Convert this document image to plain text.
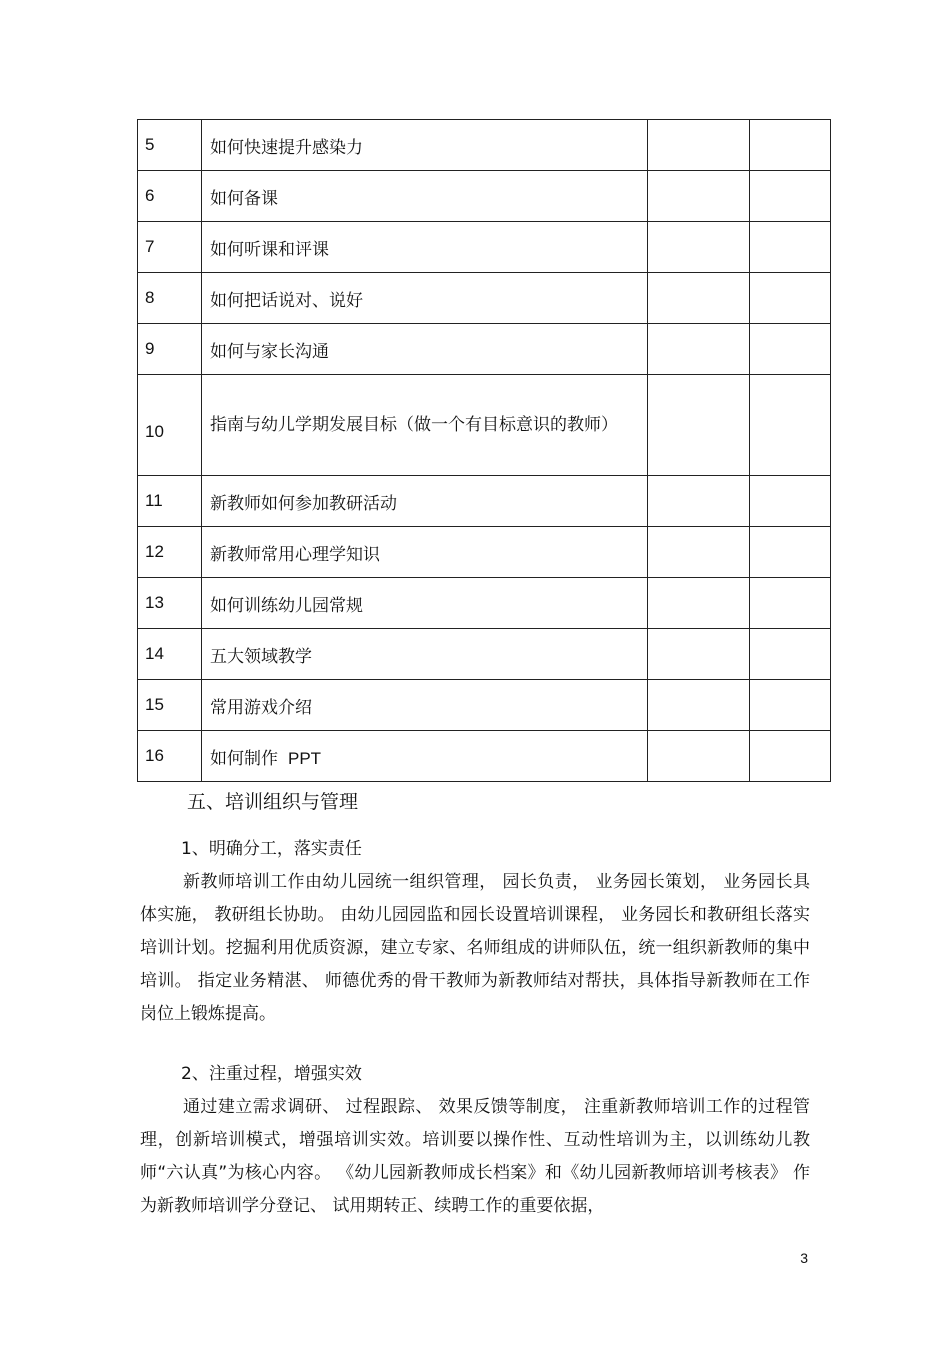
5	如何快速提升感染力		
6	如何备课		
7	如何听课和评课		
8	如何把话说对、说好		
9	如何与家长沟通		
10	指南与幼儿学期发展目标（做一个有目标意识的教师）		

11	新教师如何参加教研活动		
12	新教师常用心理学知识		
13	如何训练幼儿园常规		
14	五大领域教学		
15	常用游戏介绍		
16	如何制作 PPT		
五、培训组织与管理
1、明确分工，落实责任
新教师培训工作由幼儿园统一组织管理， 园长负责， 业务园长策划， 业务园长具体实施， 教研组长协助。 由幼儿园园监和园长设置培训课程， 业务园长和教研组长落实培训计划。挖掘利用优质资源，建立专家、名师组成的讲师队伍，统一组织新教师的集中培训。 指定业务精湛、 师德优秀的骨干教师为新教师结对帮扶，具体指导新教师在工作岗位上锻炼提高。
2、注重过程，增强实效
通过建立需求调研、 过程跟踪、 效果反馈等制度， 注重新教师培训工作的过程管理，创新培训模式，增强培训实效。培训要以操作性、互动性培训为主，以训练幼儿教师“六认真”为核心内容。 《幼儿园新教师成长档案》和《幼儿园新教师培训考核表》 作为新教师培训学分登记、 试用期转正、续聘工作的重要依据，
3
